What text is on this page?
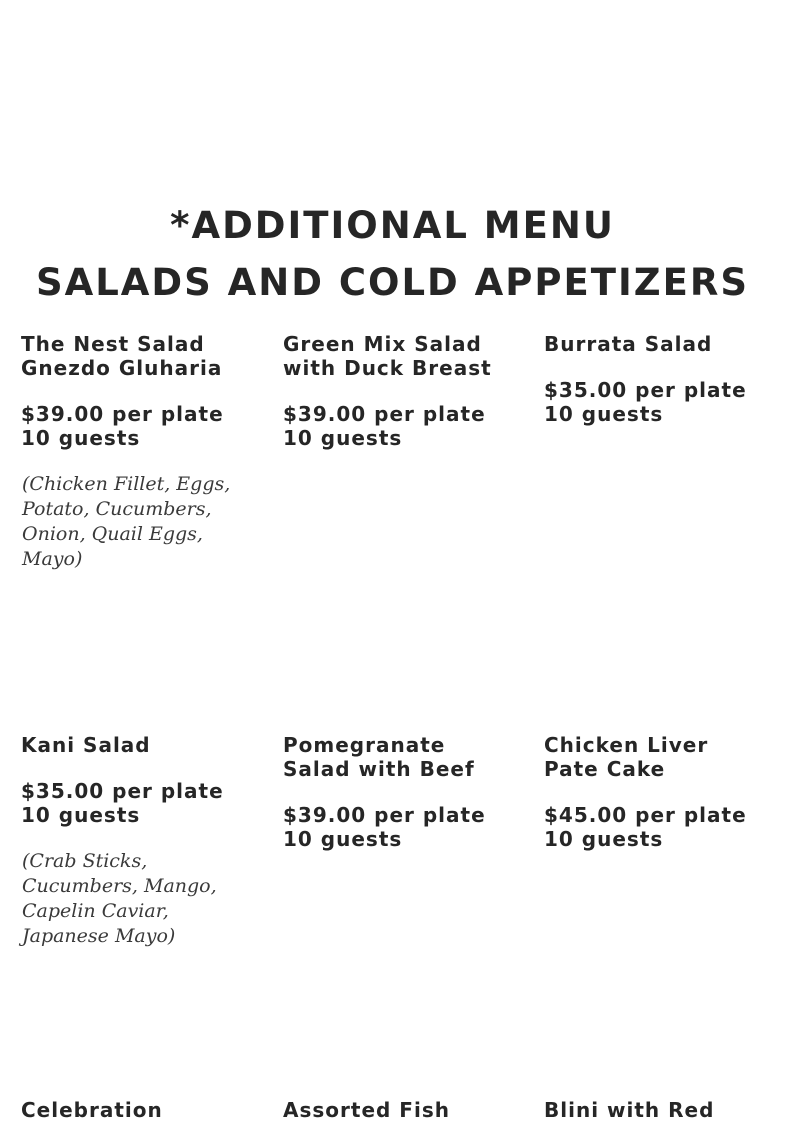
*ADDITIONAL MENU
SALADS AND COLD APPETIZERS

The Nest Salad
Gnezdo Gluharia

$39.00 per plate

10 guests

(Chicken Fillet, Eggs,
Potato, Cucumbers,
Onion, Quail Eggs,
Mayo)

Green Mix Salad
with Duck Breast

$39.00 per plate

10 guests

Burrata Salad

$35.00 per plate

10 guests

Kani Salad

$35.00 per plate

10 guests

(Crab Sticks,
Cucumbers, Mango,
Capelin Caviar,
Japanese Mayo)

Pomegranate
Salad with Beef

$39.00 per plate

10 guests

Chicken Liver
Pate Cake

$45.00 per plate

10 guests

Celebration	Assorted Fish	Blini with Red
